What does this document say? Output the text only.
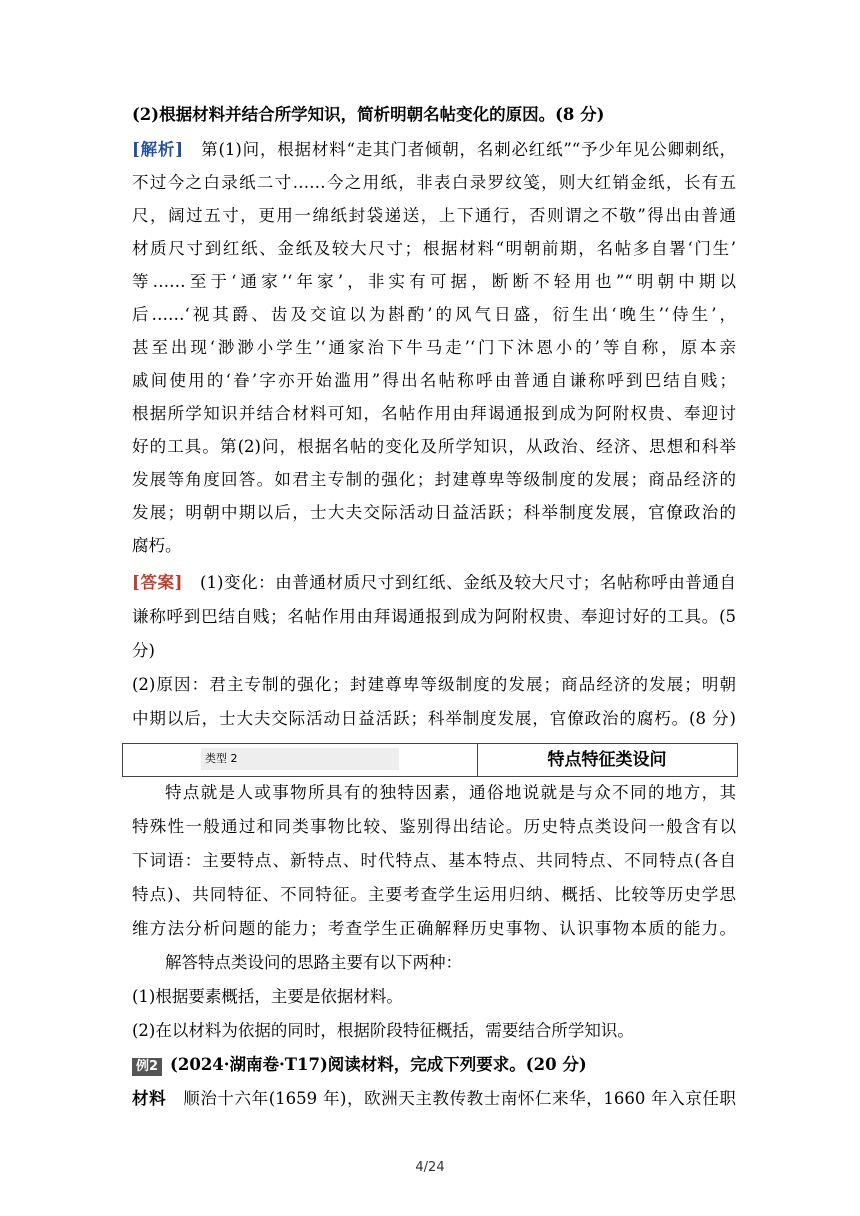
(2)根据材料并结合所学知识，简析明朝名帖变化的原因。(8 分)
[解析]　 第(1)问，根据材料“走其门者倾朝，名刺必红纸”“予少年见公卿刺纸，
不过今之白录纸二寸……今之用纸，非表白录罗纹笺，则大红销金纸，长有五
尺，阔过五寸，更用一绵纸封袋递送，上下通行，否则谓之不敬”得出由普通
材质尺寸到红纸、金纸及较大尺寸；根据材料“明朝前期，名帖多自署‘门生’
等……至于‘通家’‘年家’，非实有可据，断断不轻用也”“明朝中期以
后……‘视其爵、齿及交谊以为斟酌’的风气日盛，衍生出‘晚生’‘侍生’，
甚至出现‘渺渺小学生’‘通家治下牛马走’‘门下沐恩小的’等自称，原本亲
戚间使用的‘眷’字亦开始滥用”得出名帖称呼由普通自谦称呼到巴结自贱；
根据所学知识并结合材料可知，名帖作用由拜谒通报到成为阿附权贵、奉迎讨
好的工具。第(2)问，根据名帖的变化及所学知识，从政治、经济、思想和科举
发展等角度回答。如君主专制的强化；封建尊卑等级制度的发展；商品经济的
发展；明朝中期以后，士大夫交际活动日益活跃；科举制度发展，官僚政治的
腐朽。
[答案]　 (1)变化：由普通材质尺寸到红纸、金纸及较大尺寸；名帖称呼由普通自
谦称呼到巴结自贱；名帖作用由拜谒通报到成为阿附权贵、奉迎讨好的工具。(5
分)
(2)原因：君主专制的强化；封建尊卑等级制度的发展；商品经济的发展；明朝
中期以后，士大夫交际活动日益活跃；科举制度发展，官僚政治的腐朽。(8 分)
类型 2	特点特征类设问
特点就是人或事物所具有的独特因素，通俗地说就是与众不同的地方，其
特殊性一般通过和同类事物比较、鉴别得出结论。历史特点类设问一般含有以
下词语：主要特点、新特点、时代特点、基本特点、共同特点、不同特点(各自
特点)、共同特征、不同特征。主要考查学生运用归纳、概括、比较等历史学思
维方法分析问题的能力；考查学生正确解释历史事物、认识事物本质的能力。
解答特点类设问的思路主要有以下两种：
(1)根据要素概括，主要是依据材料。
(2)在以材料为依据的同时，根据阶段特征概括，需要结合所学知识。
例2 (2024·湖南卷·T17)阅读材料，完成下列要求。(20 分)
材料　 顺治十六年(1659 年)，欧洲天主教传教士南怀仁来华，1660 年入京任职
4/24
